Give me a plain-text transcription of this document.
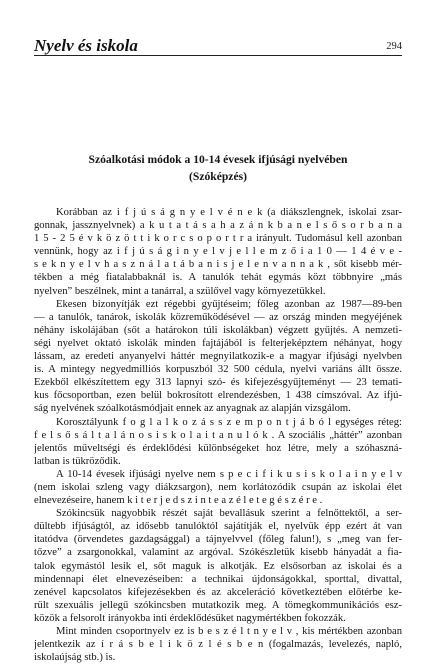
Nyelv és iskola	294
Szóalkotási módok a 10-14 évesek ifjúsági nyelvében
(Szóképzés)
Korábban az i f j ú s á g n y e l v é n e k (a diákszlengnek, iskolai zsar-
gonnak, jassznyelvnek) a k u t a t á s a h a z á n k b a n e l s ő s o r b a n a
1 5 - 2 5 é v k ö z ö t t i k o r c s o p o r t r a irányult. Tudomásul kell azonban
vennünk, hogy az i f j ú s á g i n y e l v j e l l e m z ő i a 1 0 — 1 4 é v e -
s e k n y e l v h a s z n á l a t á b a n i s j e l e n v a n n a k , sőt kisebb mér-
tékben a még fiatalabbaknál is. A tanulók tehát egymás közt többnyire „más
nyelven” beszélnek, mint a tanárral, a szülővel vagy környezetükkel.
Ekesen bizonyítják ezt régebbi gyűjtéseim; főleg azonban az 1987—89-ben
— a tanulók, tanárok, iskolák közreműködésével — az ország minden megyéjének
néhány iskolájában (sőt a határokon túli iskolákban) végzett gyűjtés. A nemzeti-
ségi nyelvet oktató iskolák minden fajtájából is felterjeképztem néhányat, hogy
lássam, az eredeti anyanyelvi háttér megnyilatkozik-e a magyar ifjúsági nyelvben
is. A mintegy negyedmilliós korpuszból 32 500 cédula, nyelvi variáns állt össze.
Ezekből elkészítettem egy 313 lapnyi szó- és kifejezésgyűjteményt — 23 temati-
kus főcsoportban, ezen belül bokrosított elrendezésben, 1 438 címszóval. Az ifjú-
ság nyelvének szóalkotásmódjait ennek az anyagnak az alapján vizsgálom.
Korosztályunk f o g l a l k o z á s s z e m p o n t j á b ó l egységes réteg:
f e l s ő s á l t a l á n o s i s k o l a i t a n u l ó k . A szociális „háttér” azonban
jelentős műveltségi és érdeklődési különbségeket hoz létre, mely a szóhaszná-
latban is tükröződik.
A 10-14 évesek ifjúsági nyelve nem s p e c i f i k u s i s k o l a i n y e l v
(nem iskolai szleng vagy diákzsargon), nem korlátozódik csupán az iskolai élet
elnevezéseire, hanem k i t e r j e d s z i n t e a z é l e t e g é s z é r e .
Szókincsük nagyobbik részét saját bevallásuk szerint a felnőttektől, a ser-
dültebb ifjúságtól, az idősebb tanulóktól sajátítják el, nyelvük épp ezért át van
itatódva (örvendetes gazdagsággal) a tájnyelvvel (főleg falun!), s „meg van fer-
tőzve” a zsargonokkal, valamint az argóval. Szókészletük kisebb hányadát a fia-
talok egymástól lesik el, sőt maguk is alkotják. Ez elsősorban az iskolai és a
mindennapi élet elnevezéseiben: a technikai újdonságokkal, sporttal, divattal,
zenével kapcsolatos kifejezésekben és az akceleráció következtében előtérbe ke-
rült szexuális jellegű szókincsben mutatkozik meg. A tömegkommunikációs esz-
közök a felsorolt irányokba inti érdeklődésüket nagymértékben fokozzák.
Mint minden csoportnyelv ez is b e s z é l t n y e l v , kis mértékben azonban
jelentkezik az í r á s b e l i k ö z l é s b e n (fogalmazás, levelezés, napló,
iskolaújság stb.) is.
